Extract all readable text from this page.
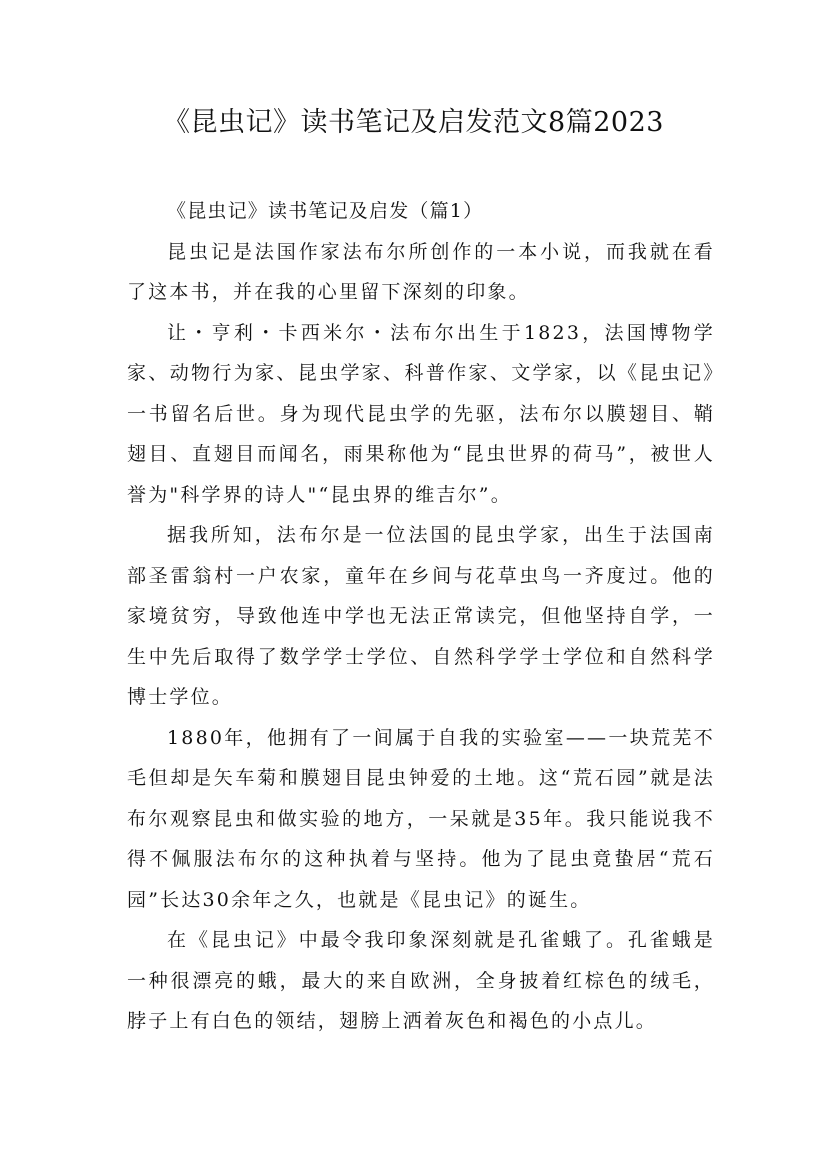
《昆虫记》读书笔记及启发范文8篇2023

《昆虫记》读书笔记及启发（篇1）

昆虫记是法国作家法布尔所创作的一本小说，而我就在看了这本书，并在我的心里留下深刻的印象。

让・亨利・卡西米尔・法布尔出生于1823，法国博物学家、动物行为家、昆虫学家、科普作家、文学家，以《昆虫记》一书留名后世。身为现代昆虫学的先驱，法布尔以膜翅目、鞘翅目、直翅目而闻名，雨果称他为“昆虫世界的荷马”，被世人誉为"科学界的诗人"“昆虫界的维吉尔”。

据我所知，法布尔是一位法国的昆虫学家，出生于法国南部圣雷翁村一户农家，童年在乡间与花草虫鸟一齐度过。他的家境贫穷，导致他连中学也无法正常读完，但他坚持自学，一生中先后取得了数学学士学位、自然科学学士学位和自然科学博士学位。

1880年，他拥有了一间属于自我的实验室——一块荒芜不毛但却是矢车菊和膜翅目昆虫钟爱的土地。这“荒石园”就是法布尔观察昆虫和做实验的地方，一呆就是35年。我只能说我不得不佩服法布尔的这种执着与坚持。他为了昆虫竟蛰居“荒石园”长达30余年之久，也就是《昆虫记》的诞生。

在《昆虫记》中最令我印象深刻就是孔雀蛾了。孔雀蛾是一种很漂亮的蛾，最大的来自欧洲，全身披着红棕色的绒毛，脖子上有白色的领结，翅膀上洒着灰色和褐色的小点儿。
